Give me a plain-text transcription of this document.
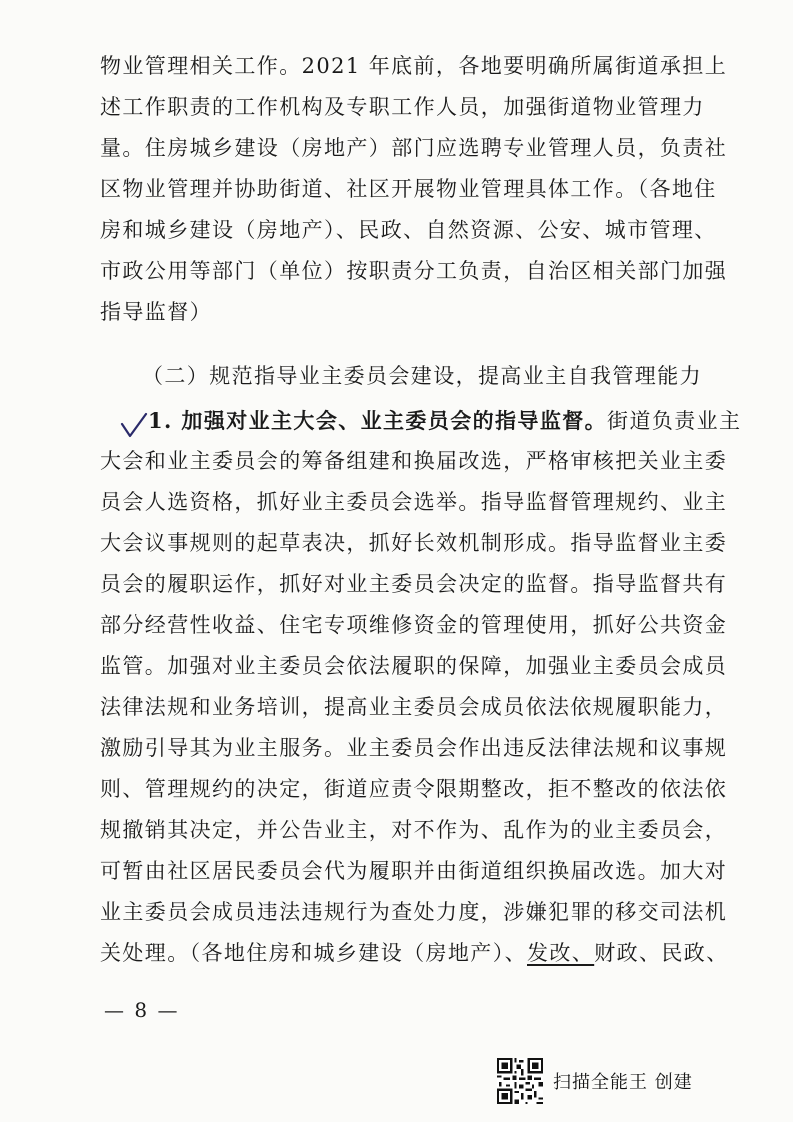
物业管理相关工作。2021 年底前，各地要明确所属街道承担上
述工作职责的工作机构及专职工作人员，加强街道物业管理力
量。住房城乡建设（房地产）部门应选聘专业管理人员，负责社
区物业管理并协助街道、社区开展物业管理具体工作。（各地住
房和城乡建设（房地产）、民政、自然资源、公安、城市管理、
市政公用等部门（单位）按职责分工负责，自治区相关部门加强
指导监督）
（二）规范指导业主委员会建设，提高业主自我管理能力
1. 加强对业主大会、业主委员会的指导监督。街道负责业主
大会和业主委员会的筹备组建和换届改选，严格审核把关业主委
员会人选资格，抓好业主委员会选举。指导监督管理规约、业主
大会议事规则的起草表决，抓好长效机制形成。指导监督业主委
员会的履职运作，抓好对业主委员会决定的监督。指导监督共有
部分经营性收益、住宅专项维修资金的管理使用，抓好公共资金
监管。加强对业主委员会依法履职的保障，加强业主委员会成员
法律法规和业务培训，提高业主委员会成员依法依规履职能力，
激励引导其为业主服务。业主委员会作出违反法律法规和议事规
则、管理规约的决定，街道应责令限期整改，拒不整改的依法依
规撤销其决定，并公告业主，对不作为、乱作为的业主委员会，
可暂由社区居民委员会代为履职并由街道组织换届改选。加大对
业主委员会成员违法违规行为查处力度，涉嫌犯罪的移交司法机
关处理。（各地住房和城乡建设（房地产）、发改、财政、民政、
— 8 —
扫描全能王 创建
